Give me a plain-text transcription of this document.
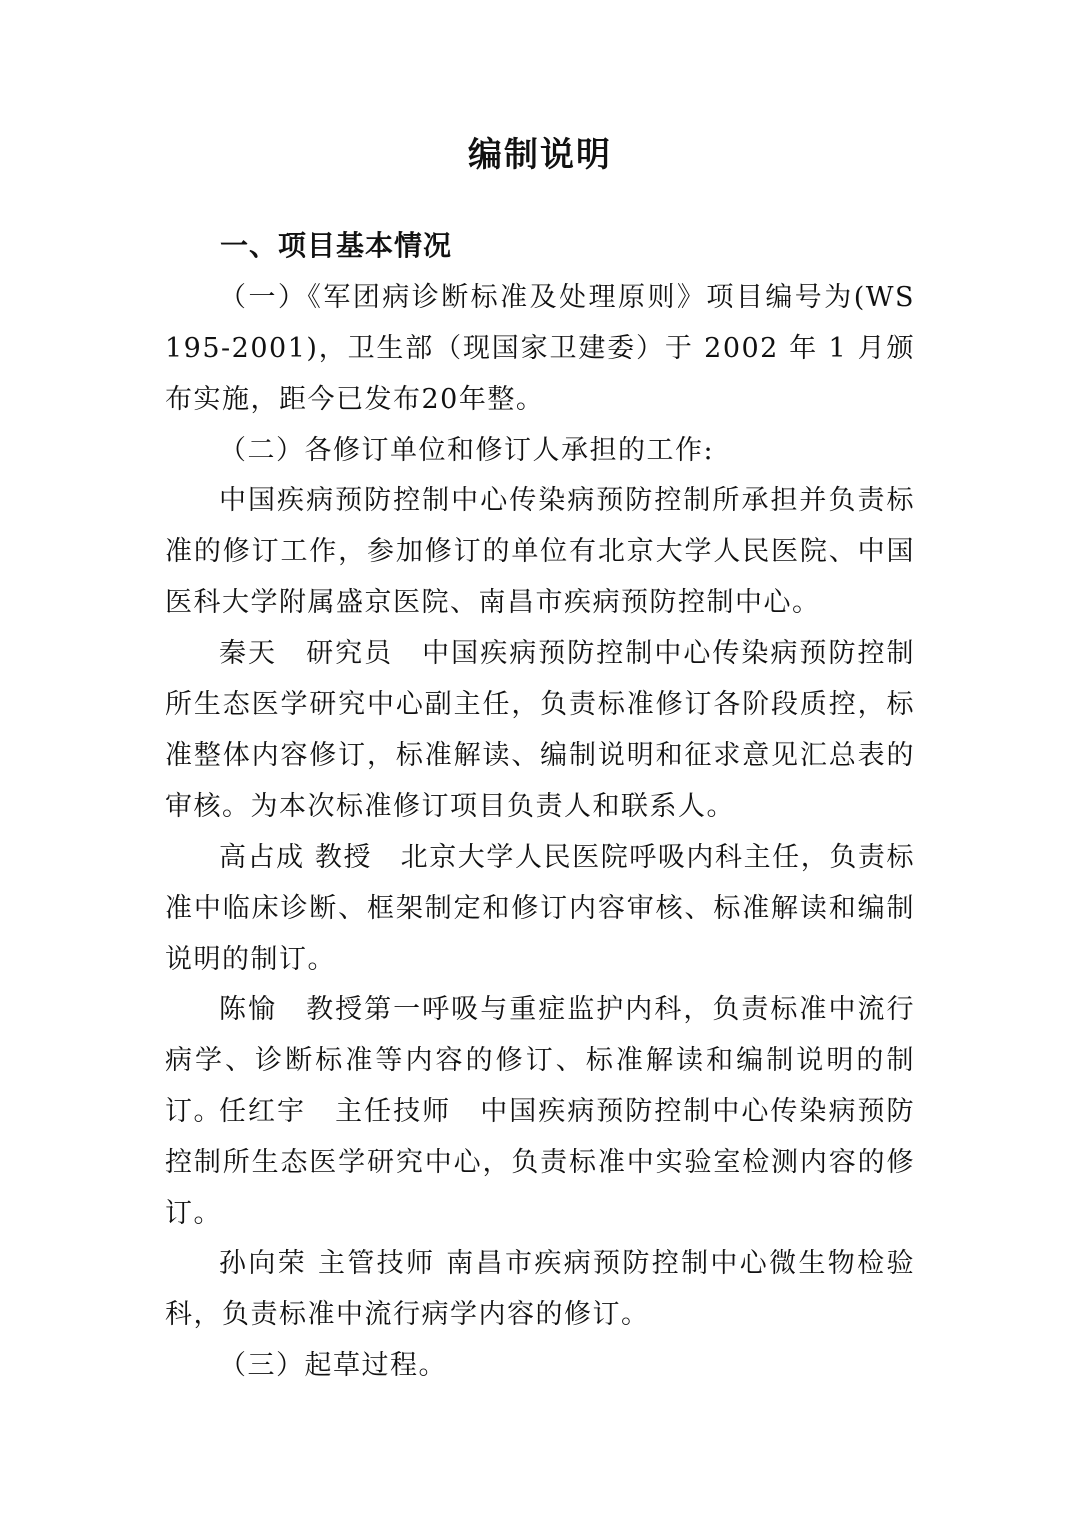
编制说明
一、项目基本情况

（一）《军团病诊断标准及处理原则》项目编号为(WS 195-2001)，卫生部（现国家卫建委）于 2002 年 1 月颁布实施，距今已发布20年整。

（二）各修订单位和修订人承担的工作:

中国疾病预防控制中心传染病预防控制所承担并负责标准的修订工作，参加修订的单位有北京大学人民医院、中国医科大学附属盛京医院、南昌市疾病预防控制中心。

秦天　研究员　中国疾病预防控制中心传染病预防控制所生态医学研究中心副主任，负责标准修订各阶段质控，标准整体内容修订，标准解读、编制说明和征求意见汇总表的审核。为本次标准修订项目负责人和联系人。

高占成 教授　北京大学人民医院呼吸内科主任，负责标准中临床诊断、框架制定和修订内容审核、标准解读和编制说明的制订。

陈愉　教授第一呼吸与重症监护内科，负责标准中流行病学、诊断标准等内容的修订、标准解读和编制说明的制订。

任红宇　主任技师　中国疾病预防控制中心传染病预防控制所生态医学研究中心，负责标准中实验室检测内容的修订。

孙向荣 主管技师 南昌市疾病预防控制中心微生物检验科，负责标准中流行病学内容的修订。

（三）起草过程。
